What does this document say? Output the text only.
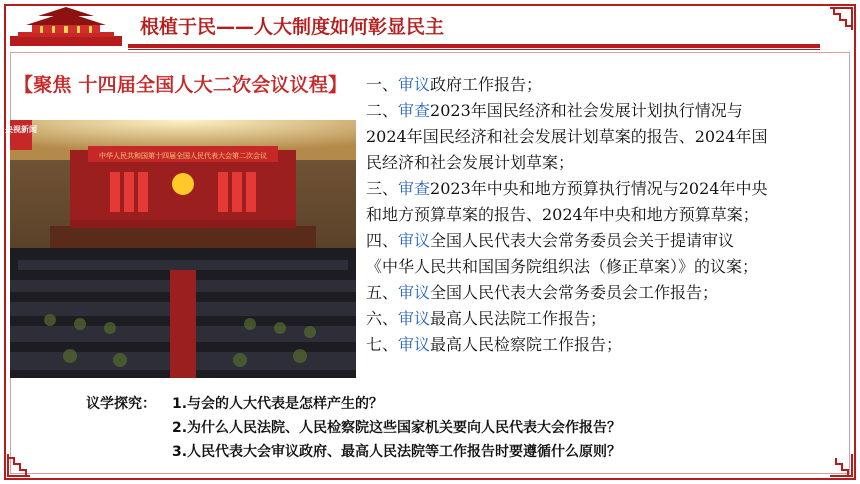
根植于民——人大制度如何彰显民主
【聚焦 十四届全国人大二次会议议程】
中华人民共和国第十四届全国人民代表大会第二次会议
央视新闻
一、审议政府工作报告；
二、审查2023年国民经济和社会发展计划执行情况与
2024年国民经济和社会发展计划草案的报告、2024年国
民经济和社会发展计划草案；
三、审查2023年中央和地方预算执行情况与2024年中央
和地方预算草案的报告、2024年中央和地方预算草案；
四、审议全国人民代表大会常务委员会关于提请审议
《中华人民共和国国务院组织法（修正草案）》的议案；
五、审议全国人民代表大会常务委员会工作报告；
六、审议最高人民法院工作报告；
七、审议最高人民检察院工作报告；
议学探究： 1.与会的人大代表是怎样产生的？
2.为什么人民法院、人民检察院这些国家机关要向人民代表大会作报告？
3.人民代表大会审议政府、最高人民法院等工作报告时要遵循什么原则？
